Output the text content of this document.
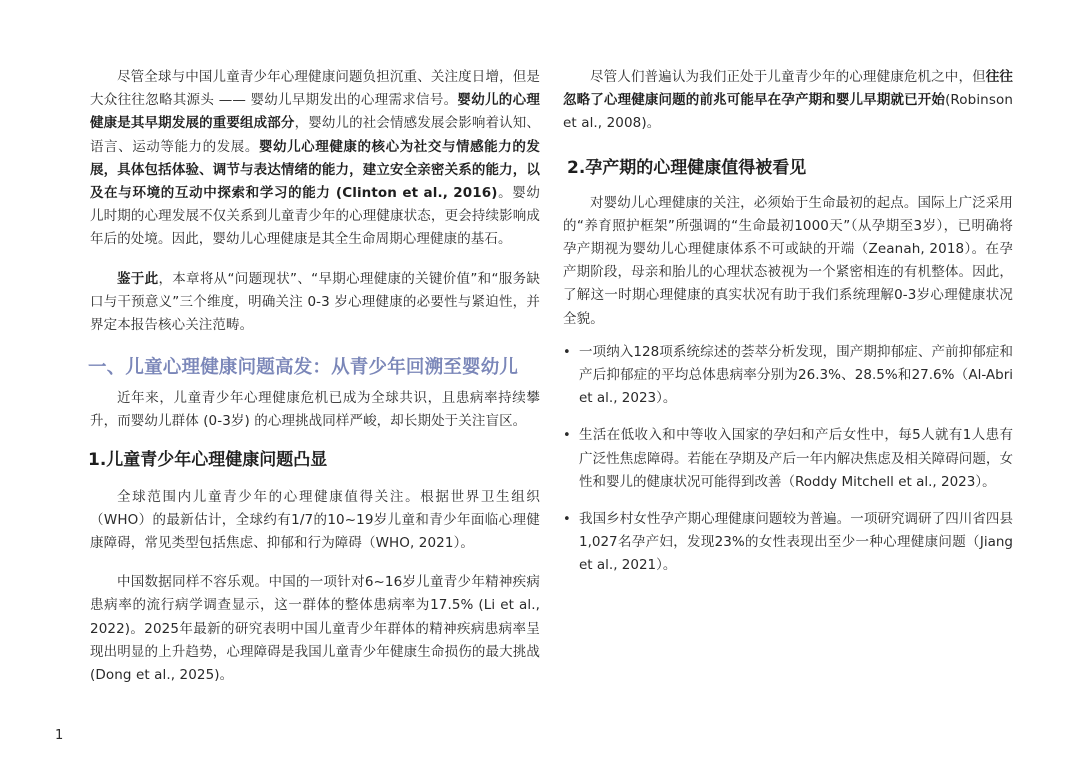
尽管全球与中国儿童青少年心理健康问题负担沉重、关注度日增，但是大众往往忽略其源头 —— 婴幼儿早期发出的心理需求信号。婴幼儿的心理健康是其早期发展的重要组成部分，婴幼儿的社会情感发展会影响着认知、语言、运动等能力的发展。婴幼儿心理健康的核心为社交与情感能力的发展，具体包括体验、调节与表达情绪的能力，建立安全亲密关系的能力，以及在与环境的互动中探索和学习的能力 (Clinton et al., 2016)。婴幼儿时期的心理发展不仅关系到儿童青少年的心理健康状态，更会持续影响成年后的处境。因此，婴幼儿心理健康是其全生命周期心理健康的基石。

鉴于此，本章将从“问题现状”、“早期心理健康的关键价值”和“服务缺口与干预意义”三个维度，明确关注 0-3 岁心理健康的必要性与紧迫性，并界定本报告核心关注范畴。

一、儿童心理健康问题高发：从青少年回溯至婴幼儿

近年来，儿童青少年心理健康危机已成为全球共识，且患病率持续攀升，而婴幼儿群体 (0-3岁) 的心理挑战同样严峻，却长期处于关注盲区。

1.儿童青少年心理健康问题凸显

全球范围内儿童青少年的心理健康值得关注。根据世界卫生组织（WHO）的最新估计，全球约有1/7的10~19岁儿童和青少年面临心理健康障碍，常见类型包括焦虑、抑郁和行为障碍（WHO, 2021）。

中国数据同样不容乐观。中国的一项针对6~16岁儿童青少年精神疾病患病率的流行病学调查显示，这一群体的整体患病率为17.5% (Li et al., 2022)。2025年最新的研究表明中国儿童青少年群体的精神疾病患病率呈现出明显的上升趋势，心理障碍是我国儿童青少年健康生命损伤的最大挑战 (Dong et al., 2025)。

尽管人们普遍认为我们正处于儿童青少年的心理健康危机之中，但往往忽略了心理健康问题的前兆可能早在孕产期和婴儿早期就已开始(Robinson et al., 2008)。

2.孕产期的心理健康值得被看见

对婴幼儿心理健康的关注，必须始于生命最初的起点。国际上广泛采用的“养育照护框架”所强调的“生命最初1000天”（从孕期至3岁），已明确将孕产期视为婴幼儿心理健康体系不可或缺的开端（Zeanah, 2018）。在孕产期阶段，母亲和胎儿的心理状态被视为一个紧密相连的有机整体。因此，了解这一时期心理健康的真实状况有助于我们系统理解0-3岁心理健康状况全貌。

• 一项纳入128项系统综述的荟萃分析发现，围产期抑郁症、产前抑郁症和产后抑郁症的平均总体患病率分别为26.3%、28.5%和27.6%（Al-Abri et al., 2023）。
• 生活在低收入和中等收入国家的孕妇和产后女性中，每5人就有1人患有广泛性焦虑障碍。若能在孕期及产后一年内解决焦虑及相关障碍问题，女性和婴儿的健康状况可能得到改善（Roddy Mitchell et al., 2023）。
• 我国乡村女性孕产期心理健康问题较为普遍。一项研究调研了四川省四县1,027名孕产妇，发现23%的女性表现出至少一种心理健康问题（Jiang et al., 2021）。
1
